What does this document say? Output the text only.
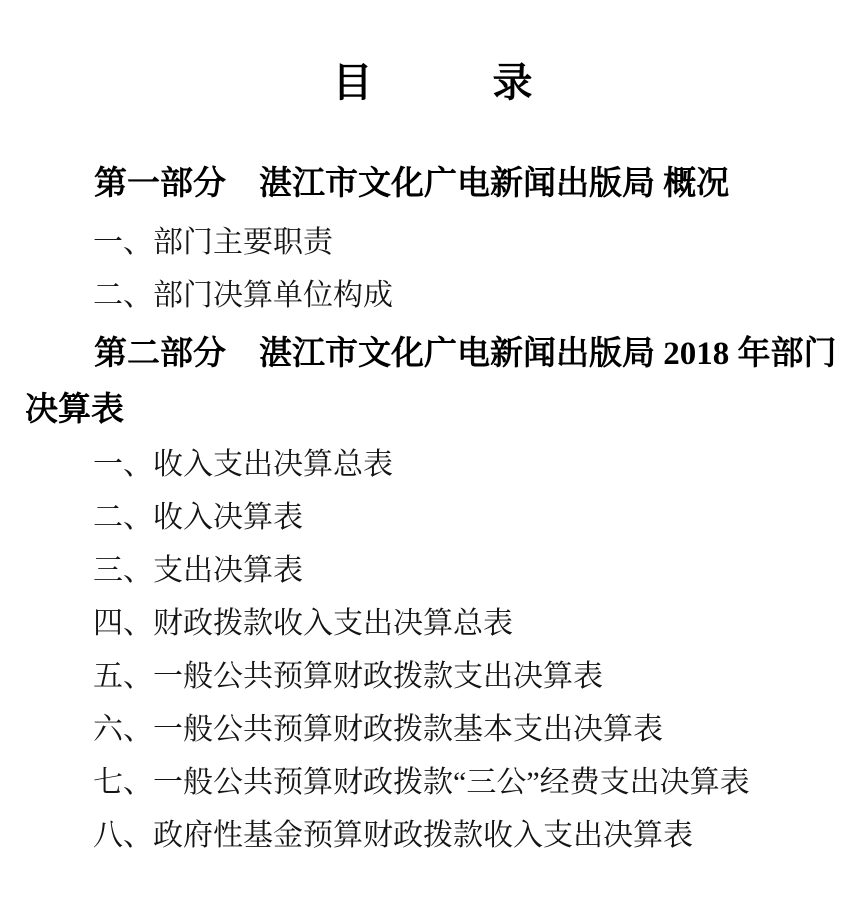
目　　　录

第一部分　湛江市文化广电新闻出版局 概况

一、部门主要职责

二、部门决算单位构成

第二部分　湛江市文化广电新闻出版局 2018 年部门
决算表

一、收入支出决算总表

二、收入决算表

三、支出决算表

四、财政拨款收入支出决算总表

五、一般公共预算财政拨款支出决算表

六、一般公共预算财政拨款基本支出决算表

七、一般公共预算财政拨款“三公”经费支出决算表

八、政府性基金预算财政拨款收入支出决算表
